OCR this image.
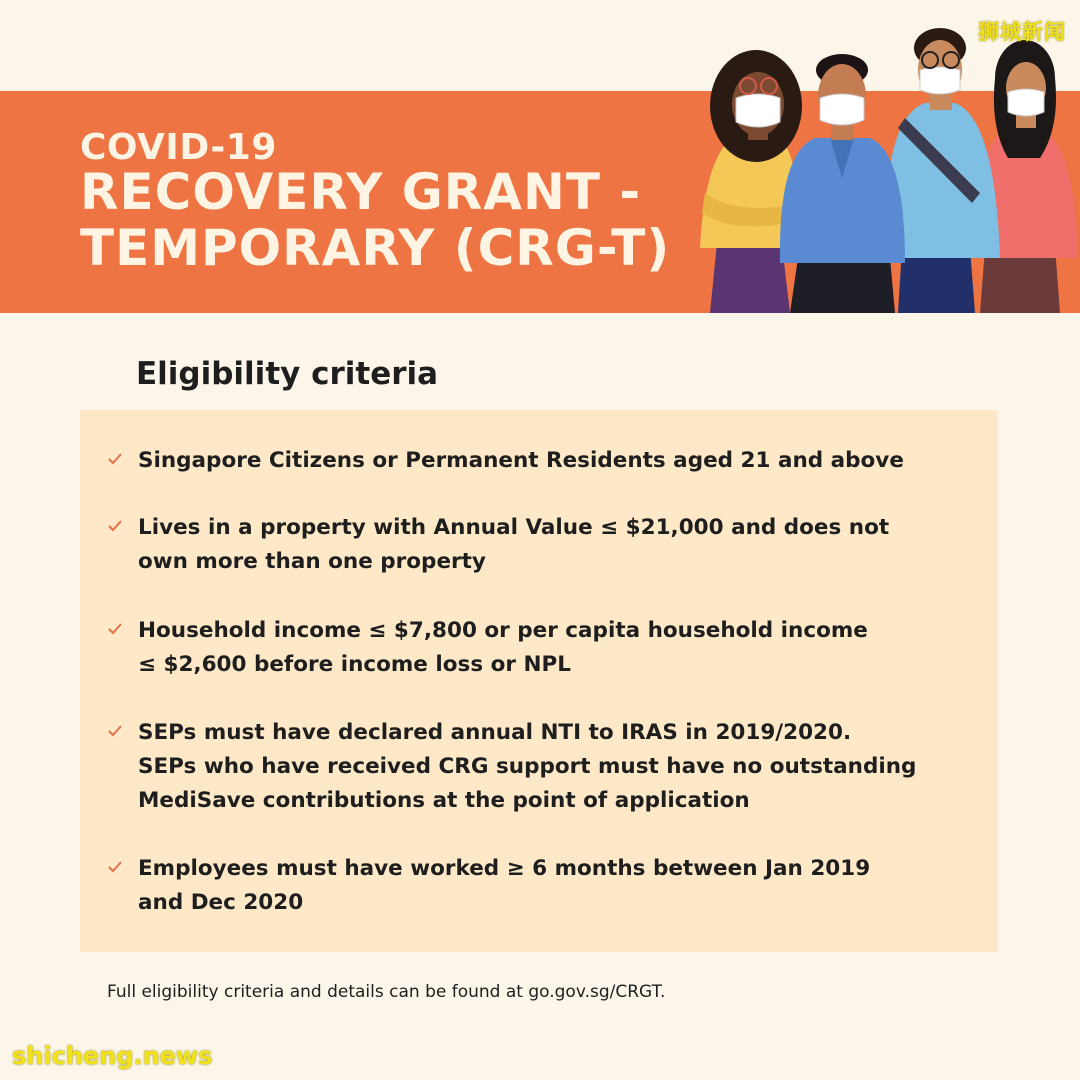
狮城新闻
COVID-19
RECOVERY GRANT -
TEMPORARY (CRG-T)
Eligibility criteria
Singapore Citizens or Permanent Residents aged 21 and above
Lives in a property with Annual Value ≤ $21,000 and does not
own more than one property
Household income ≤ $7,800 or per capita household income
≤ $2,600 before income loss or NPL
SEPs must have declared annual NTI to IRAS in 2019/2020.
SEPs who have received CRG support must have no outstanding
MediSave contributions at the point of application
Employees must have worked ≥ 6 months between Jan 2019
and Dec 2020
Full eligibility criteria and details can be found at go.gov.sg/CRGT.
shicheng.news
